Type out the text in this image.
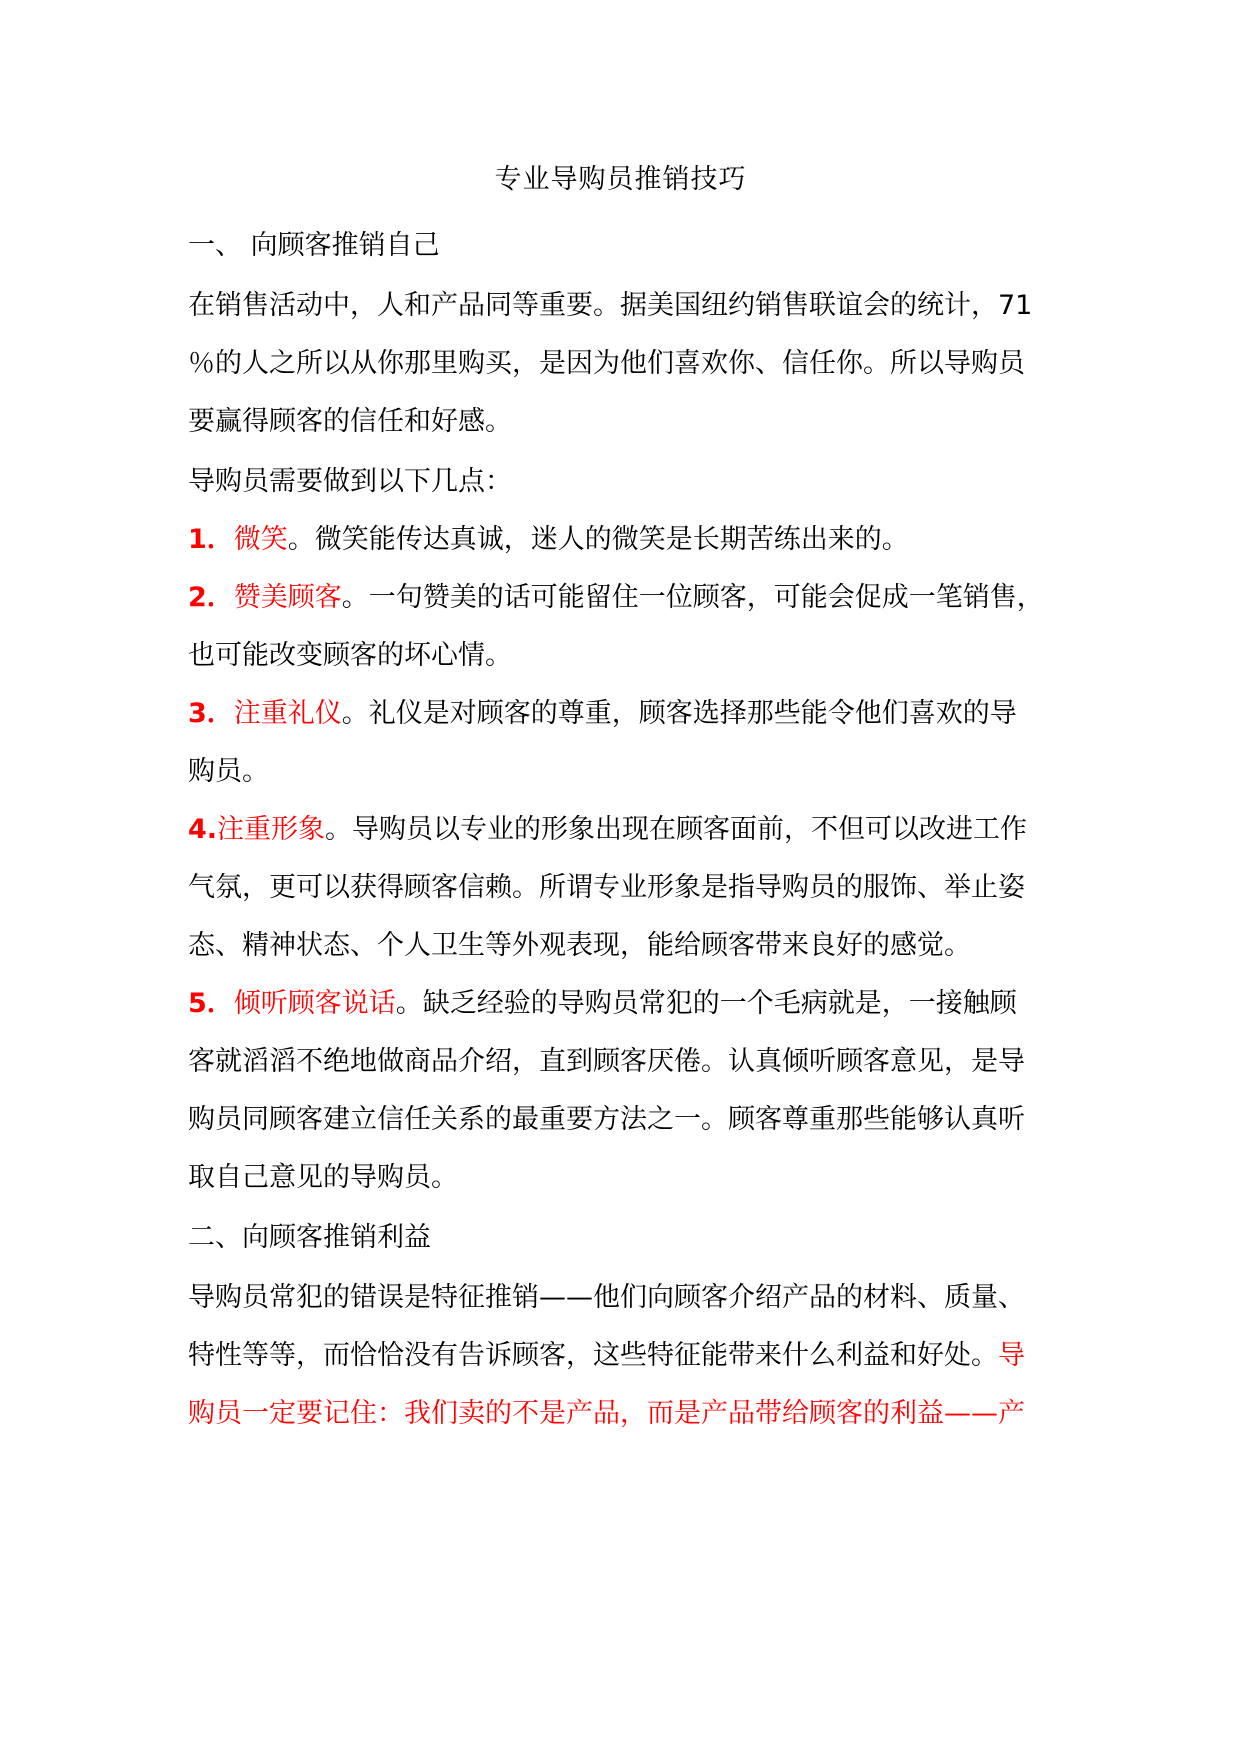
专业导购员推销技巧
一、 向顾客推销自己
在销售活动中，人和产品同等重要。据美国纽约销售联谊会的统计，71
％的人之所以从你那里购买，是因为他们喜欢你、信任你。所以导购员
要赢得顾客的信任和好感。
导购员需要做到以下几点：
1．微笑。微笑能传达真诚，迷人的微笑是长期苦练出来的。
2．赞美顾客。一句赞美的话可能留住一位顾客，可能会促成一笔销售，
也可能改变顾客的坏心情。
3．注重礼仪。礼仪是对顾客的尊重，顾客选择那些能令他们喜欢的导
购员。
4.注重形象。导购员以专业的形象出现在顾客面前，不但可以改进工作
气氛，更可以获得顾客信赖。所谓专业形象是指导购员的服饰、举止姿
态、精神状态、个人卫生等外观表现，能给顾客带来良好的感觉。
5．倾听顾客说话。缺乏经验的导购员常犯的一个毛病就是，一接触顾
客就滔滔不绝地做商品介绍，直到顾客厌倦。认真倾听顾客意见，是导
购员同顾客建立信任关系的最重要方法之一。顾客尊重那些能够认真听
取自己意见的导购员。
二、向顾客推销利益
导购员常犯的错误是特征推销——他们向顾客介绍产品的材料、质量、
特性等等，而恰恰没有告诉顾客，这些特征能带来什么利益和好处。导
购员一定要记住：我们卖的不是产品，而是产品带给顾客的利益——产
